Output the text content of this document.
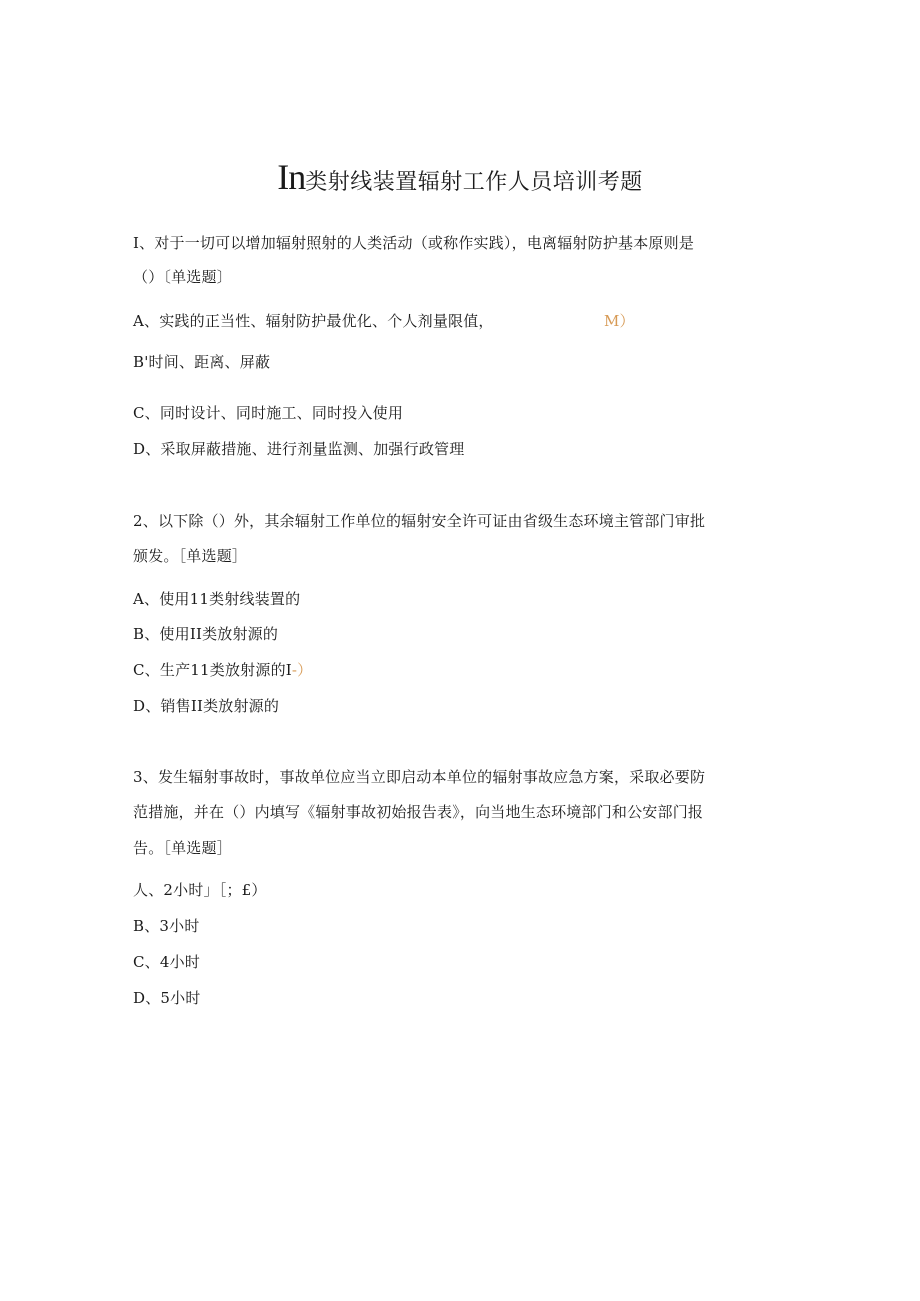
In类射线装置辐射工作人员培训考题
I、对于一切可以增加辐射照射的人类活动（或称作实践），电离辐射防护基本原则是
（）〔单选题〕
A、实践的正当性、辐射防护最优化、个人剂量限值，	M）
B'时间、距离、屏蔽
C、同时设计、同时施工、同时投入使用
D、采取屏蔽措施、进行剂量监测、加强行政管理
2、以下除（）外，其余辐射工作单位的辐射安全许可证由省级生态环境主管部门审批
颁发。［单选题］
A、使用11类射线装置的
B、使用II类放射源的
C、生产11类放射源的I-）
D、销售II类放射源的
3、发生辐射事故时，事故单位应当立即启动本单位的辐射事故应急方案，采取必要防
范措施，并在（）内填写《辐射事故初始报告表》，向当地生态环境部门和公安部门报
告。［单选题］
人、2小时」［；£）
B、3小时
C、4小时
D、5小时
